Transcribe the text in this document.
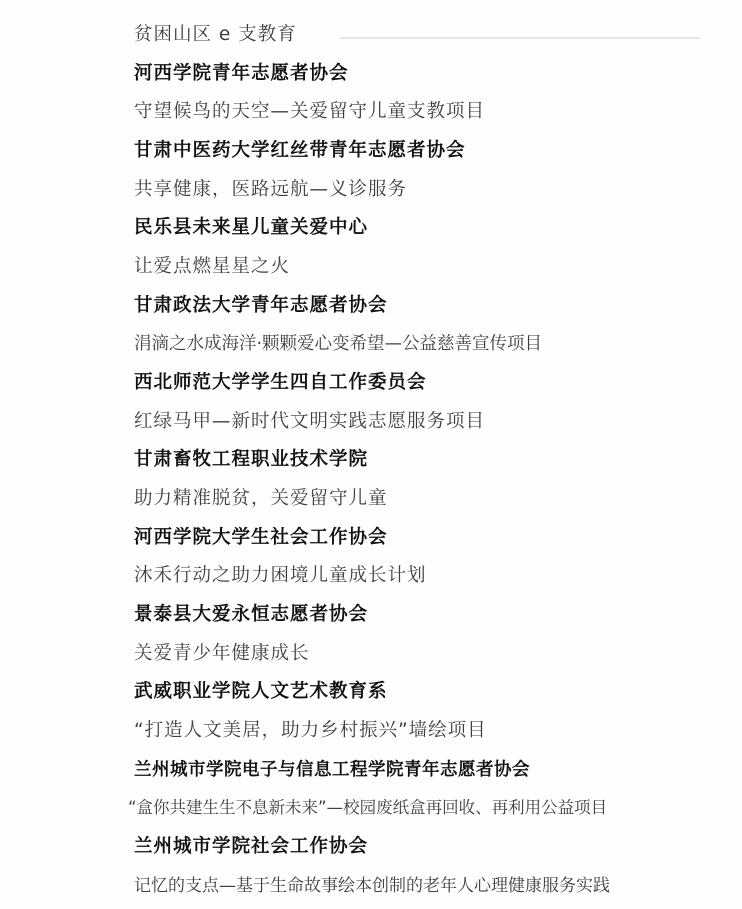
贫困山区 e 支教育
河西学院青年志愿者协会
守望候鸟的天空—关爱留守儿童支教项目
甘肃中医药大学红丝带青年志愿者协会
共享健康，医路远航—义诊服务
民乐县未来星儿童关爱中心
让爱点燃星星之火
甘肃政法大学青年志愿者协会
涓滴之水成海洋·颗颗爱心变希望—公益慈善宣传项目
西北师范大学学生四自工作委员会
红绿马甲—新时代文明实践志愿服务项目
甘肃畜牧工程职业技术学院
助力精准脱贫，关爱留守儿童
河西学院大学生社会工作协会
沐禾行动之助力困境儿童成长计划
景泰县大爱永恒志愿者协会
关爱青少年健康成长
武威职业学院人文艺术教育系
“打造人文美居，助力乡村振兴”墙绘项目
兰州城市学院电子与信息工程学院青年志愿者协会
“盒你共建生生不息新未来”—校园废纸盒再回收、再利用公益项目
兰州城市学院社会工作协会
记忆的支点—基于生命故事绘本创制的老年人心理健康服务实践
